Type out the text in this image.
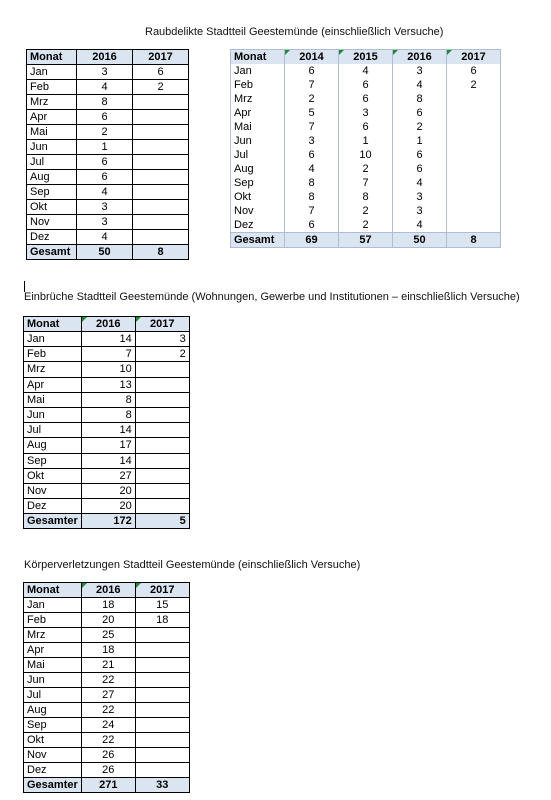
Raubdelikte Stadtteil Geestemünde (einschließlich Versuche)
Monat	2016	2017
Jan	3	6
Feb	4	2
Mrz	8	
Apr	6	
Mai	2	
Jun	1	
Jul	6	
Aug	6	
Sep	4	
Okt	3	
Nov	3	
Dez	4	
Gesamt	50	8
Monat	2014	2015	2016	2017
Jan	6	4	3	6
Feb	7	6	4	2
Mrz	2	6	8	
Apr	5	3	6	
Mai	7	6	2	
Jun	3	1	1	
Jul	6	10	6	
Aug	4	2	6	
Sep	8	7	4	
Okt	8	8	3	
Nov	7	2	3	
Dez	6	2	4	
Gesamt	69	57	50	8
Einbrüche Stadtteil Geestemünde (Wohnungen, Gewerbe und Institutionen – einschließlich Versuche)
Monat	2016	2017
Jan	14	3
Feb	7	2
Mrz	10	
Apr	13	
Mai	8	
Jun	8	
Jul	14	
Aug	17	
Sep	14	
Okt	27	
Nov	20	
Dez	20	
Gesamter	172	5
Körperverletzungen Stadtteil Geestemünde (einschließlich Versuche)
Monat	2016	2017
Jan	18	15
Feb	20	18
Mrz	25	
Apr	18	
Mai	21	
Jun	22	
Jul	27	
Aug	22	
Sep	24	
Okt	22	
Nov	26	
Dez	26	
Gesamter	271	33
